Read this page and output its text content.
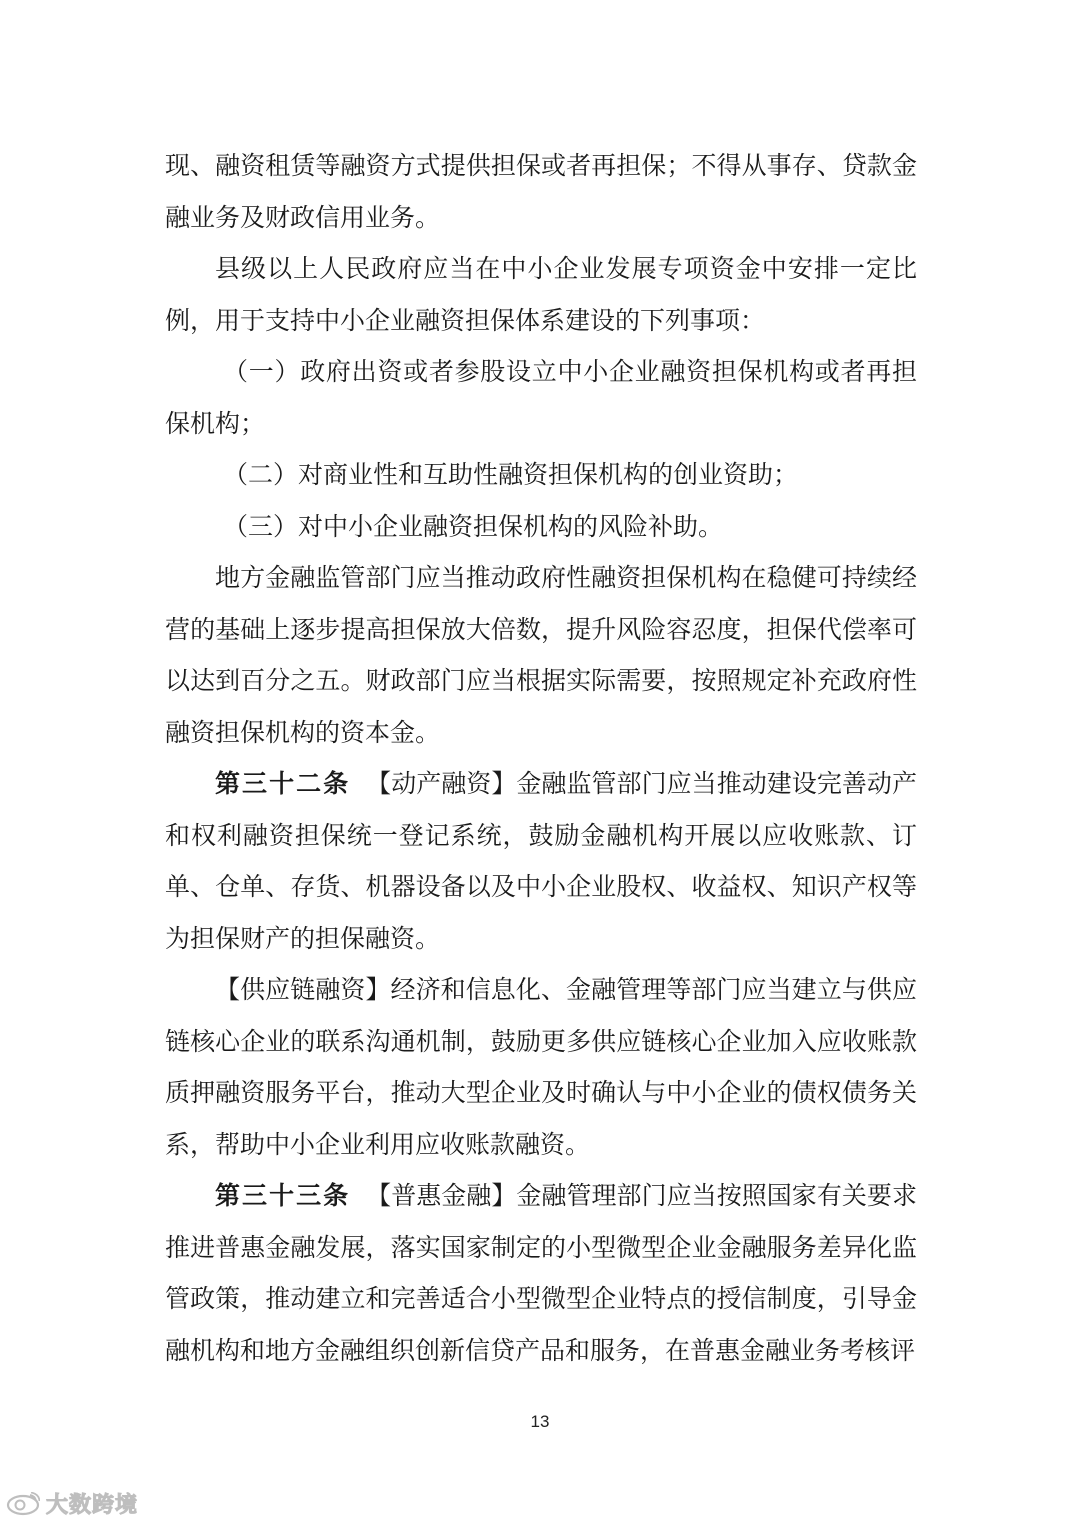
现、融资租赁等融资方式提供担保或者再担保；不得从事存、贷款金融业务及财政信用业务。

县级以上人民政府应当在中小企业发展专项资金中安排一定比例，用于支持中小企业融资担保体系建设的下列事项：

（一）政府出资或者参股设立中小企业融资担保机构或者再担保机构；

（二）对商业性和互助性融资担保机构的创业资助；

（三）对中小企业融资担保机构的风险补助。

地方金融监管部门应当推动政府性融资担保机构在稳健可持续经营的基础上逐步提高担保放大倍数，提升风险容忍度，担保代偿率可以达到百分之五。财政部门应当根据实际需要，按照规定补充政府性融资担保机构的资本金。

第三十二条 【动产融资】金融监管部门应当推动建设完善动产和权利融资担保统一登记系统，鼓励金融机构开展以应收账款、订单、仓单、存货、机器设备以及中小企业股权、收益权、知识产权等为担保财产的担保融资。

【供应链融资】经济和信息化、金融管理等部门应当建立与供应链核心企业的联系沟通机制，鼓励更多供应链核心企业加入应收账款质押融资服务平台，推动大型企业及时确认与中小企业的债权债务关系，帮助中小企业利用应收账款融资。

第三十三条 【普惠金融】金融管理部门应当按照国家有关要求推进普惠金融发展，落实国家制定的小型微型企业金融服务差异化监管政策，推动建立和完善适合小型微型企业特点的授信制度，引导金融机构和地方金融组织创新信贷产品和服务，在普惠金融业务考核评

13
大数跨境
